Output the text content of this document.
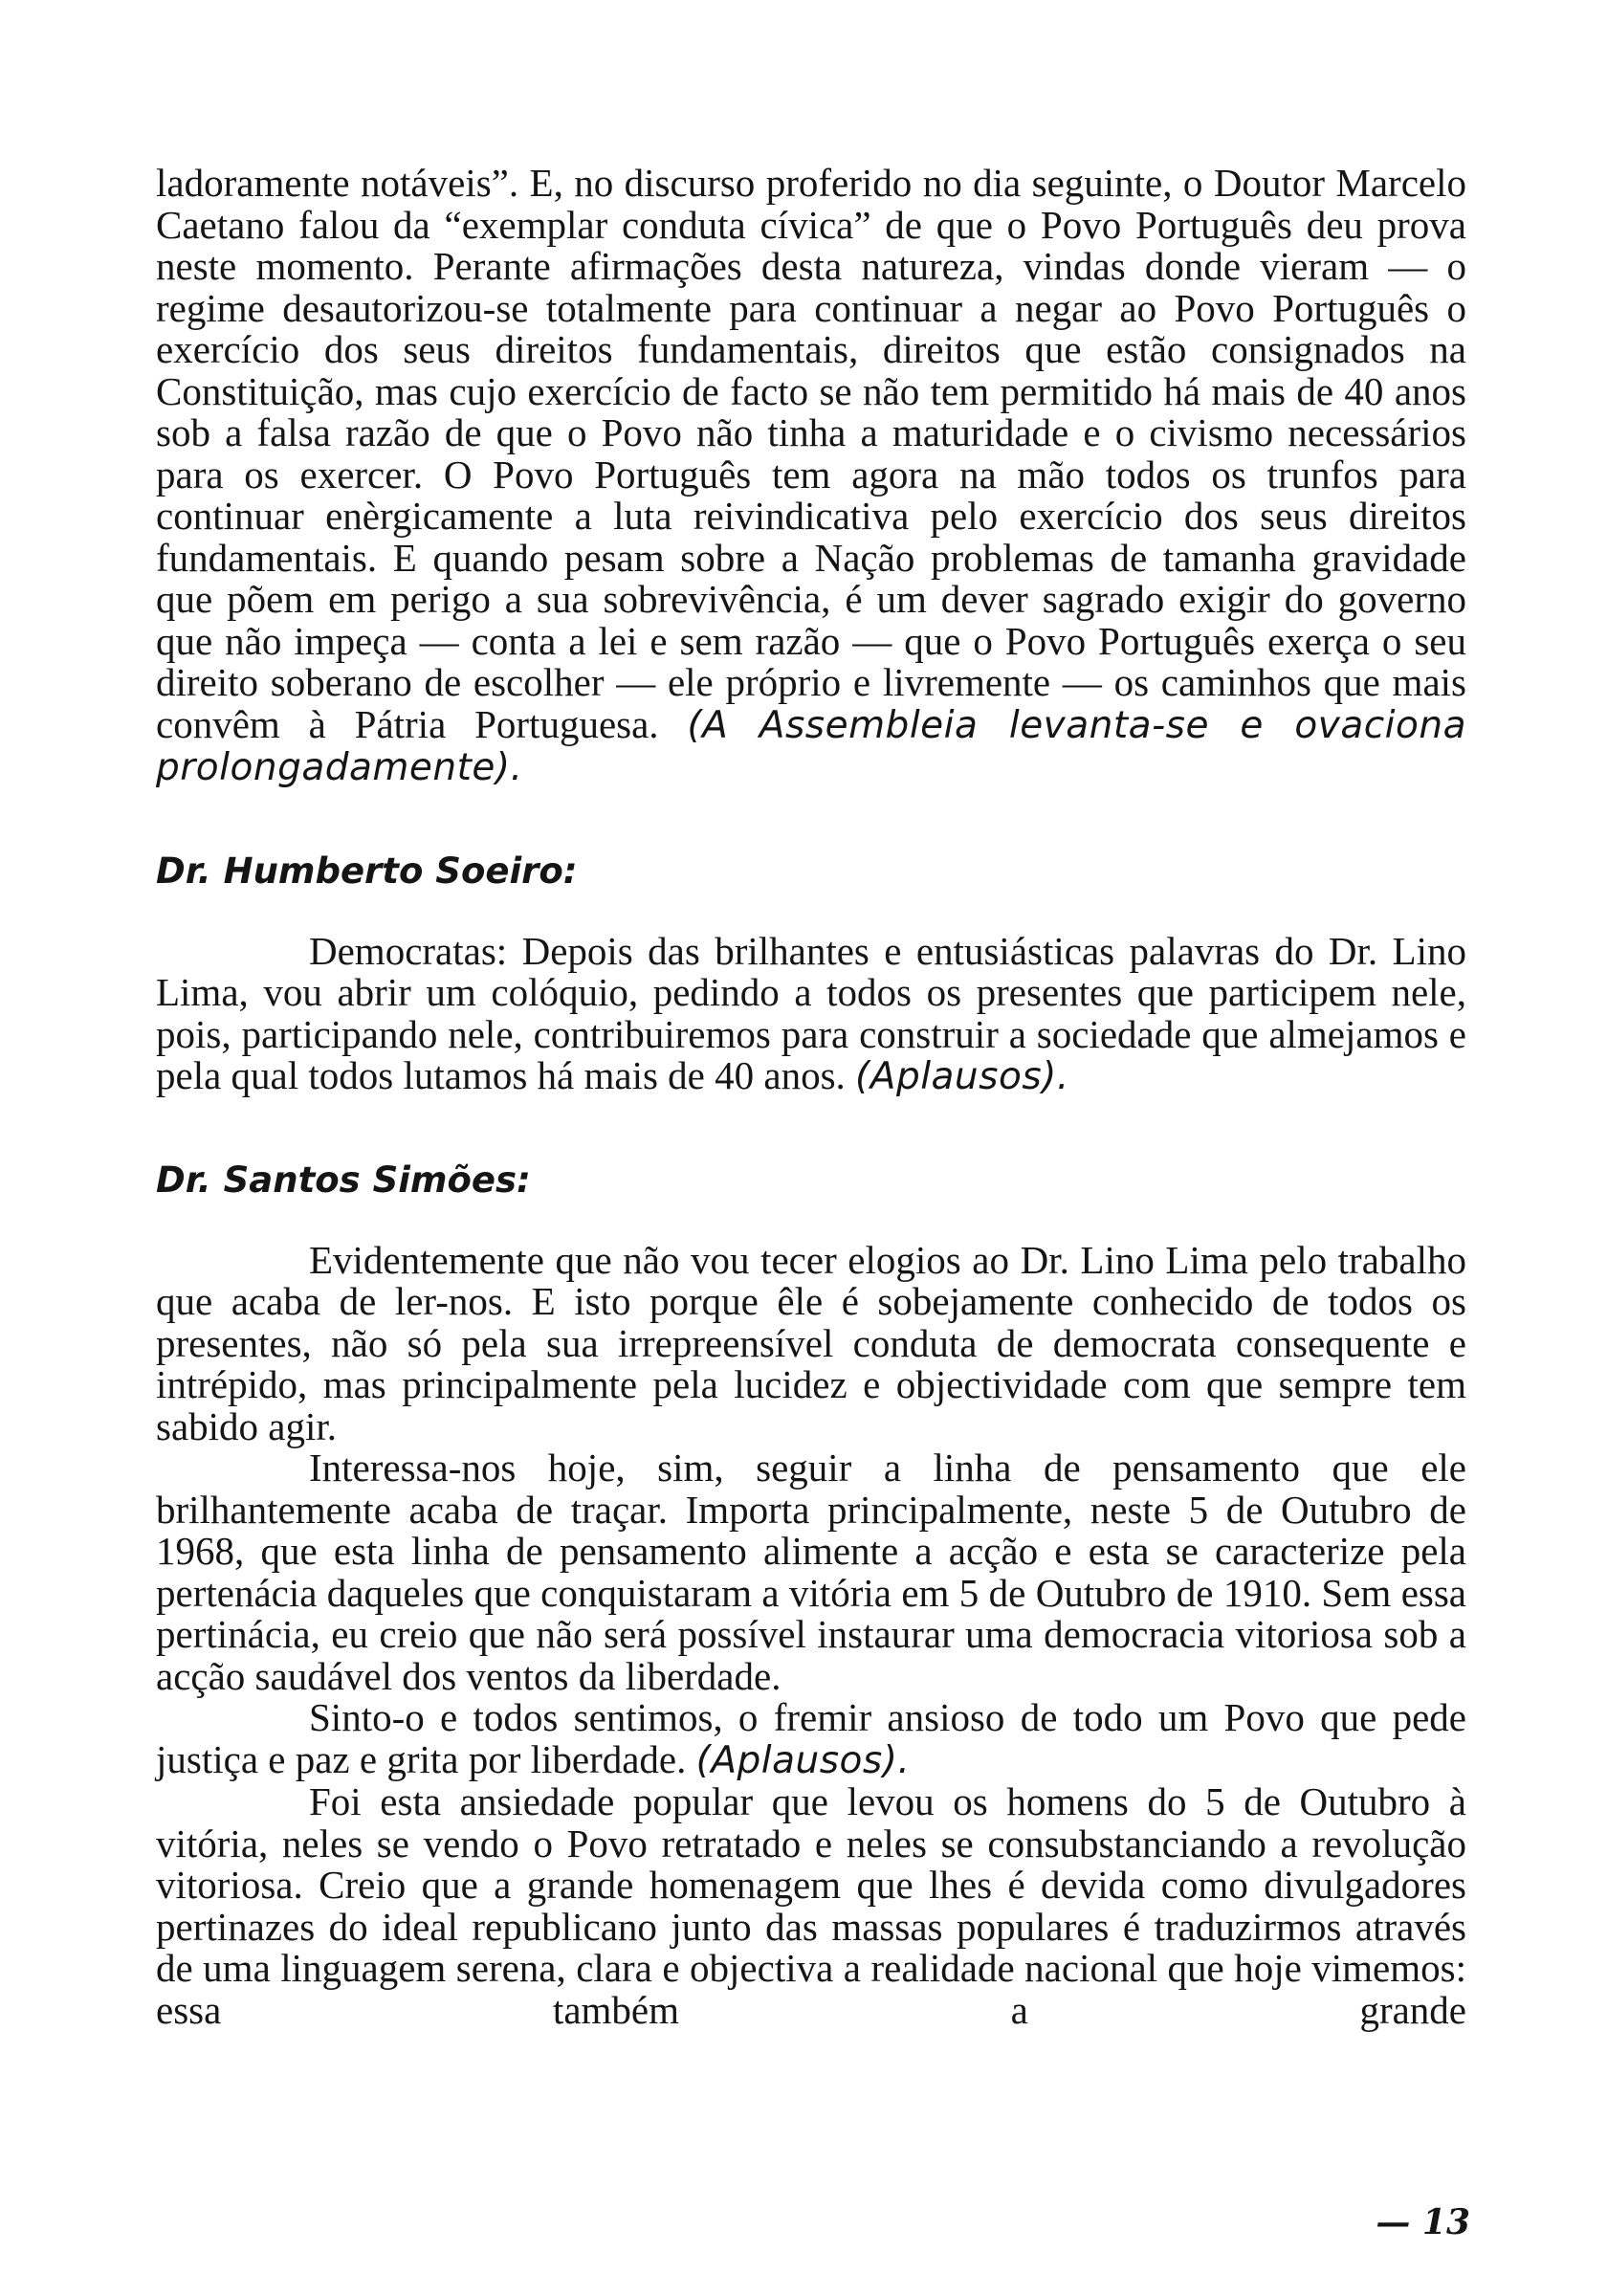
ladoramente notáveis”. E, no discurso proferido no dia seguinte, o Doutor Marcelo Caetano falou da “exemplar conduta cívica” de que o Povo Português deu prova neste momento. Perante afirmações desta natureza, vindas donde vieram — o regime desautorizou-se totalmente para continuar a negar ao Povo Português o exercício dos seus direitos fundamentais, direitos que estão consignados na Constituição, mas cujo exercício de facto se não tem permitido há mais de 40 anos sob a falsa razão de que o Povo não tinha a maturidade e o civismo necessários para os exercer. O Povo Português tem agora na mão todos os trunfos para continuar enèrgicamente a luta reivindicativa pelo exercício dos seus direitos fundamentais. E quando pesam sobre a Nação problemas de tamanha gravidade que põem em perigo a sua sobrevivência, é um dever sagrado exigir do governo que não impeça — conta a lei e sem razão — que o Povo Português exerça o seu direito soberano de escolher — ele próprio e livremente — os caminhos que mais convêm à Pátria Portuguesa. (A Assembleia levanta-se e ovaciona prolongadamente).

Dr. Humberto Soeiro:

Democratas: Depois das brilhantes e entusiásticas palavras do Dr. Lino Lima, vou abrir um colóquio, pedindo a todos os presentes que participem nele, pois, participando nele, contribuiremos para construir a sociedade que almejamos e pela qual todos lutamos há mais de 40 anos. (Aplausos).

Dr. Santos Simões:

Evidentemente que não vou tecer elogios ao Dr. Lino Lima pelo trabalho que acaba de ler-nos. E isto porque êle é sobejamente conhecido de todos os presentes, não só pela sua irrepreensível conduta de democrata consequente e intrépido, mas principalmente pela lucidez e objectividade com que sempre tem sabido agir.

Interessa-nos hoje, sim, seguir a linha de pensamento que ele brilhantemente acaba de traçar. Importa principalmente, neste 5 de Outubro de 1968, que esta linha de pensamento alimente a acção e esta se caracterize pela pertenácia daqueles que conquistaram a vitória em 5 de Outubro de 1910. Sem essa pertinácia, eu creio que não será possível instaurar uma democracia vitoriosa sob a acção saudável dos ventos da liberdade.

Sinto-o e todos sentimos, o fremir ansioso de todo um Povo que pede justiça e paz e grita por liberdade. (Aplausos).

Foi esta ansiedade popular que levou os homens do 5 de Outubro à vitória, neles se vendo o Povo retratado e neles se consubstanciando a revolução vitoriosa. Creio que a grande homenagem que lhes é devida como divulgadores pertinazes do ideal republicano junto das massas populares é traduzirmos através de uma linguagem serena, clara e objectiva a realidade nacional que hoje vimemos: essa também a grande

— 13
